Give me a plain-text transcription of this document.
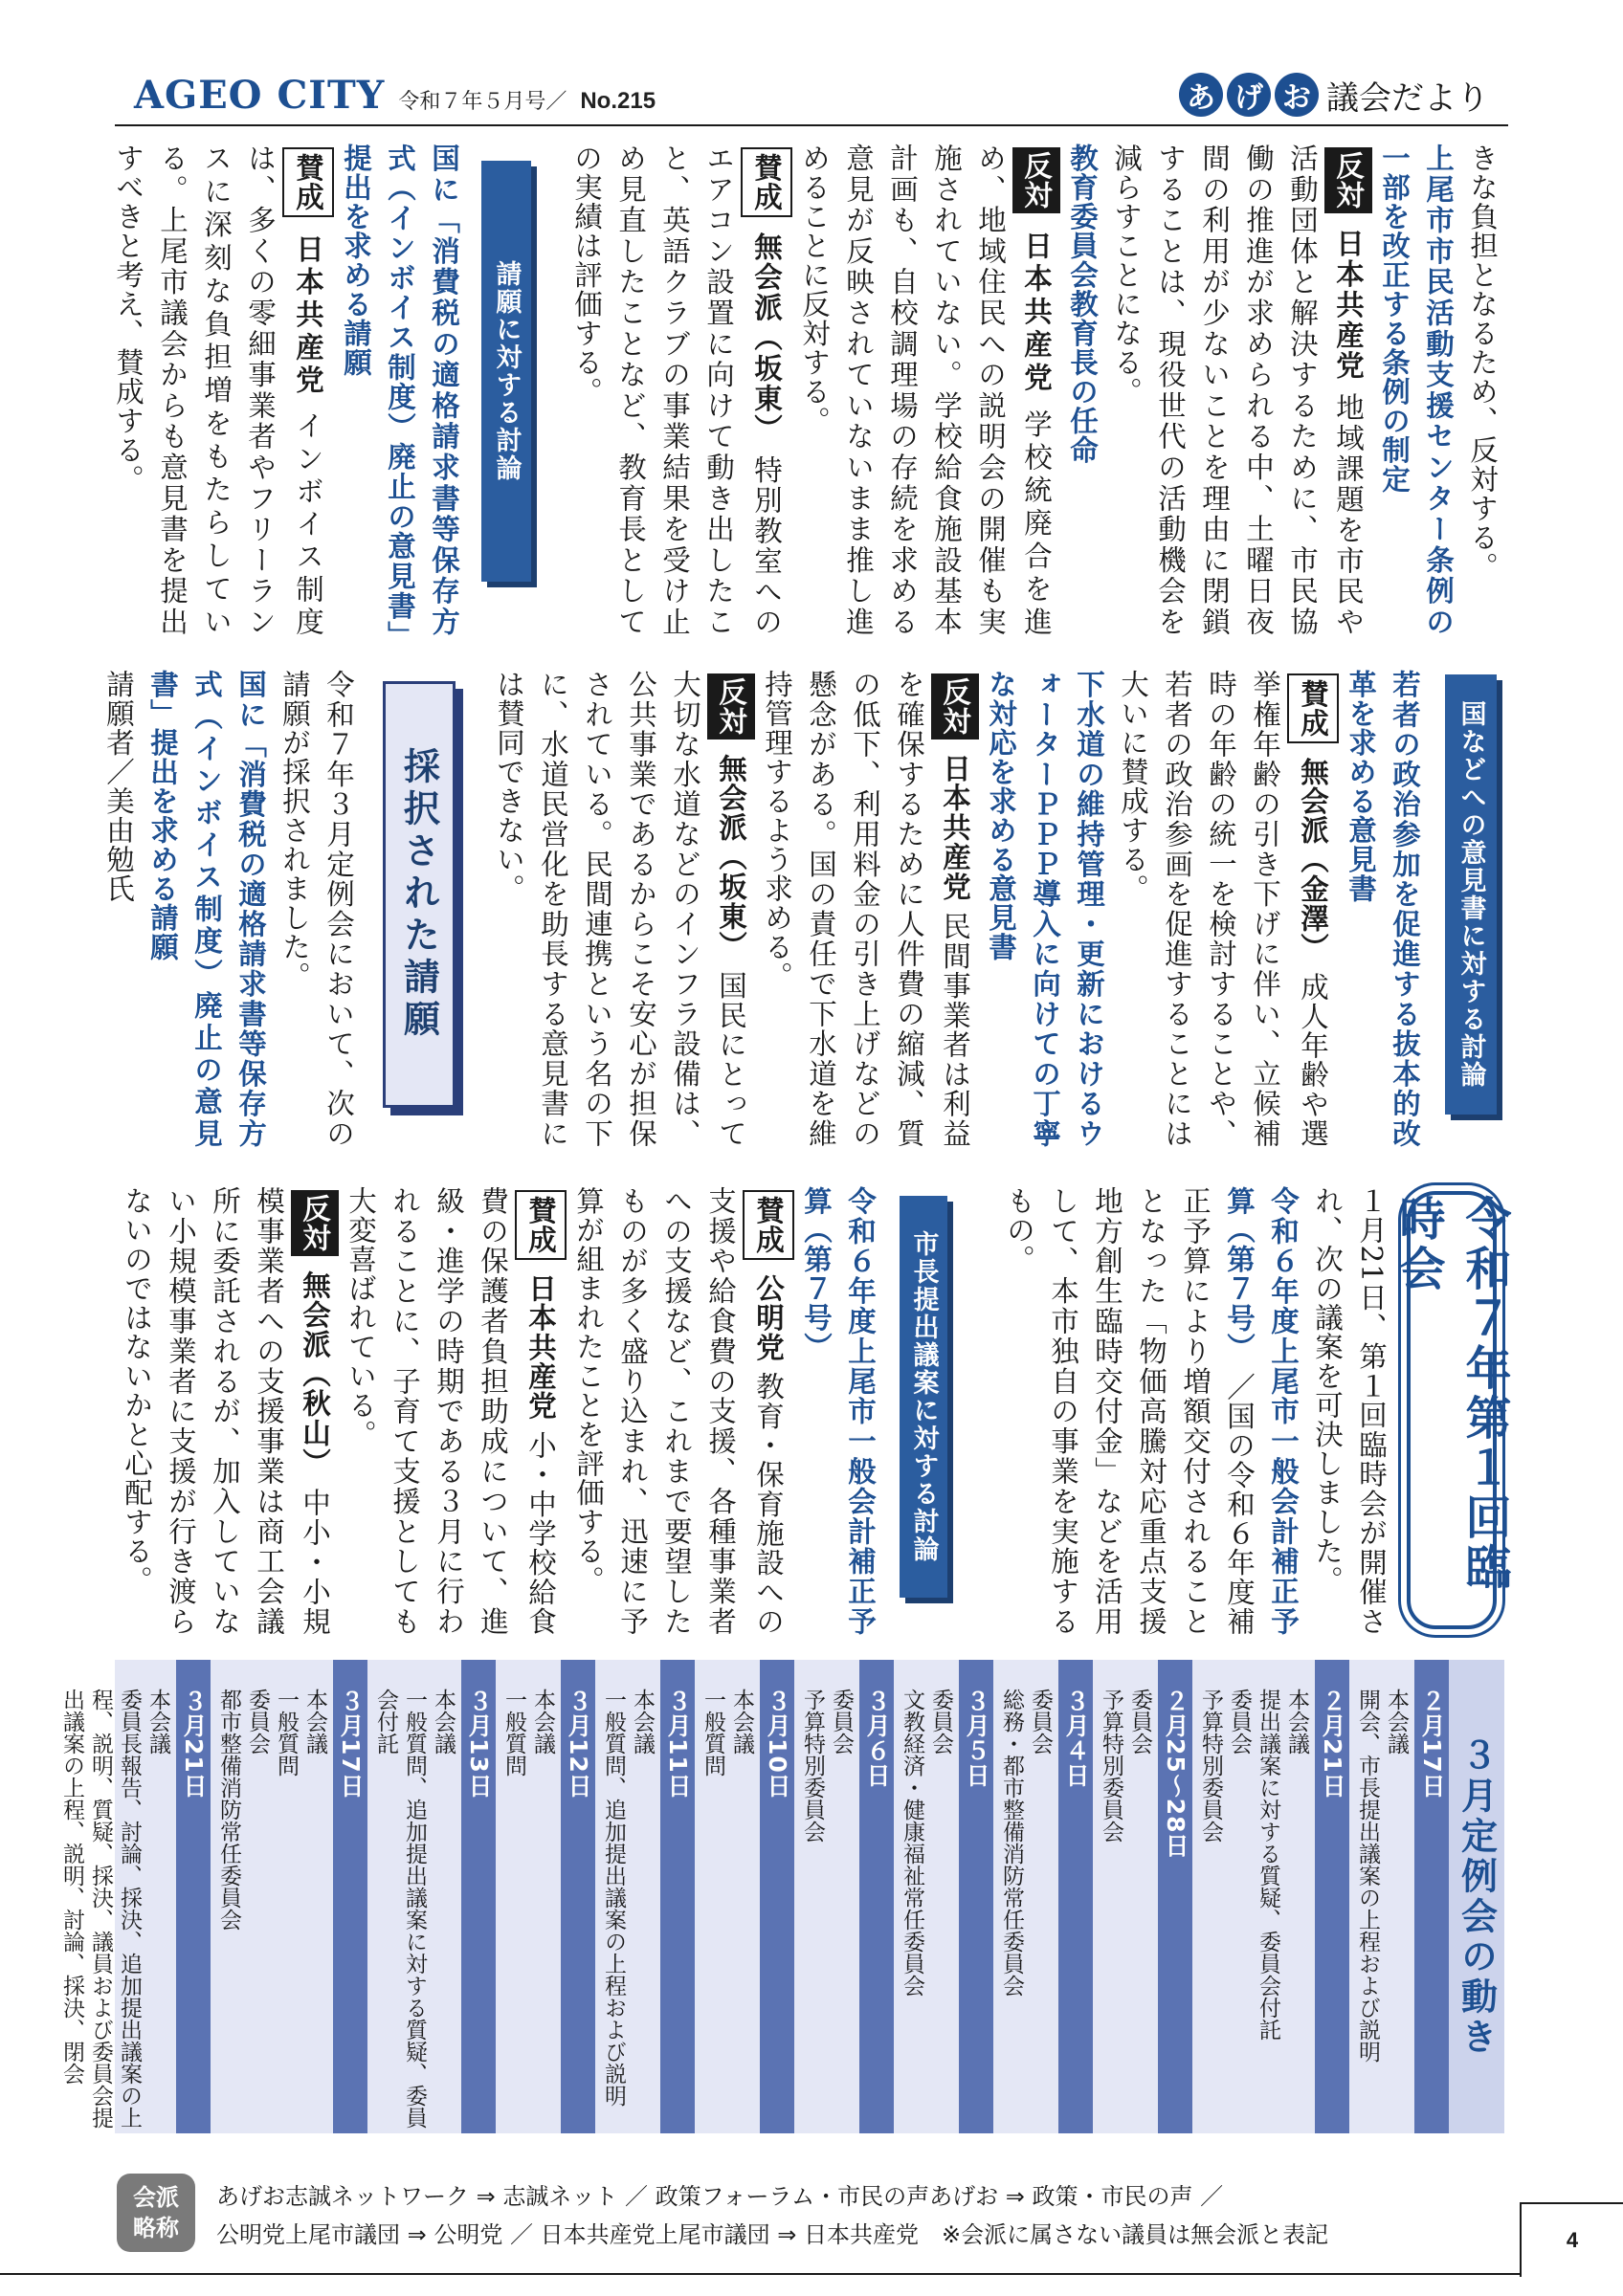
AGEO CITY 令和７年５月号／ No.215	あ げ お 議会だより

きな負担となるため、反対する。

上尾市市民活動支援センター条例の一部を改正する条例の制定

反対 日本共産党 地域課題を市民や活動団体と解決するために、市民協働の推進が求められる中、土曜日夜間の利用が少ないことを理由に閉鎖することは、現役世代の活動機会を減らすことになる。

教育委員会教育長の任命

反対 日本共産党 学校統廃合を進め、地域住民への説明会の開催も実施されていない。学校給食施設基本計画も、自校調理場の存続を求める意見が反映されていないまま推し進めることに反対する。

賛成 無会派（坂東） 特別教室へのエアコン設置に向けて動き出したこと、英語クラブの事業結果を受け止め見直したことなど、教育長としての実績は評価する。

請願に対する討論

国に「消費税の適格請求書等保存方式（インボイス制度）廃止の意見書」提出を求める請願

賛成 日本共産党 インボイス制度は、多くの零細事業者やフリーランスに深刻な負担増をもたらしている。上尾市議会からも意見書を提出すべきと考え、賛成する。

国などへの意見書に対する討論

若者の政治参加を促進する抜本的改革を求める意見書

賛成 無会派（金澤） 成人年齢や選挙権年齢の引き下げに伴い、立候補時の年齢の統一を検討することや、若者の政治参画を促進することには大いに賛成する。

下水道の維持管理・更新におけるウォーターＰＰＰ導入に向けての丁寧な対応を求める意見書

反対 日本共産党 民間事業者は利益を確保するために人件費の縮減、質の低下、利用料金の引き上げなどの懸念がある。国の責任で下水道を維持管理するよう求める。

反対 無会派（坂東） 国民にとって大切な水道などのインフラ設備は、公共事業であるからこそ安心が担保されている。民間連携という名の下に、水道民営化を助長する意見書には賛同できない。

採択された請願

令和７年３月定例会において、次の請願が採択されました。

国に「消費税の適格請求書等保存方式（インボイス制度）廃止の意見書」提出を求める請願

請願者／美由勉氏

令和７年第１回臨時会

１月21日、第１回臨時会が開催され、次の議案を可決しました。

令和６年度上尾市一般会計補正予算（第７号） ／国の令和６年度補正予算により増額交付されることとなった「物価高騰対応重点支援地方創生臨時交付金」などを活用して、本市独自の事業を実施するもの。

市長提出議案に対する討論

令和６年度上尾市一般会計補正予算（第７号）

賛成 公明党 教育・保育施設への支援や給食費の支援、各種事業者への支援など、これまで要望したものが多く盛り込まれ、迅速に予算が組まれたことを評価する。

賛成 日本共産党 小・中学校給食費の保護者負担助成について、進級・進学の時期である３月に行われることに、子育て支援としても大変喜ばれている。

反対 無会派（秋山） 中小・小規模事業者への支援事業は商工会議所に委託されるが、加入していない小規模事業者に支援が行き渡らないのではないかと心配する。

３月定例会の動き
２月17日
本会議
開会、市長提出議案の上程および説明
２月21日
本会議
提出議案に対する質疑、委員会付託
委員会
予算特別委員会
２月25〜28日
委員会
予算特別委員会
３月４日
委員会
総務・都市整備消防常任委員会
３月５日
委員会
文教経済・健康福祉常任委員会
３月６日
委員会
予算特別委員会
３月10日
本会議
一般質問
３月11日
本会議
一般質問、追加提出議案の上程および説明
３月12日
本会議
一般質問
３月13日
本会議
一般質問、追加提出議案に対する質疑、委員会付託
３月17日
本会議
一般質問
委員会
都市整備消防常任委員会
３月21日
本会議
委員長報告、討論、採決、追加提出議案の上程、説明、質疑、採決、議員および委員会提出議案の上程、説明、討論、採決、閉会
会派
略称
あげお志誠ネットワーク ⇒ 志誠ネット ／ 政策フォーラム・市民の声あげお ⇒ 政策・市民の声 ／
公明党上尾市議団 ⇒ 公明党 ／ 日本共産党上尾市議団 ⇒ 日本共産党　※会派に属さない議員は無会派と表記	4
